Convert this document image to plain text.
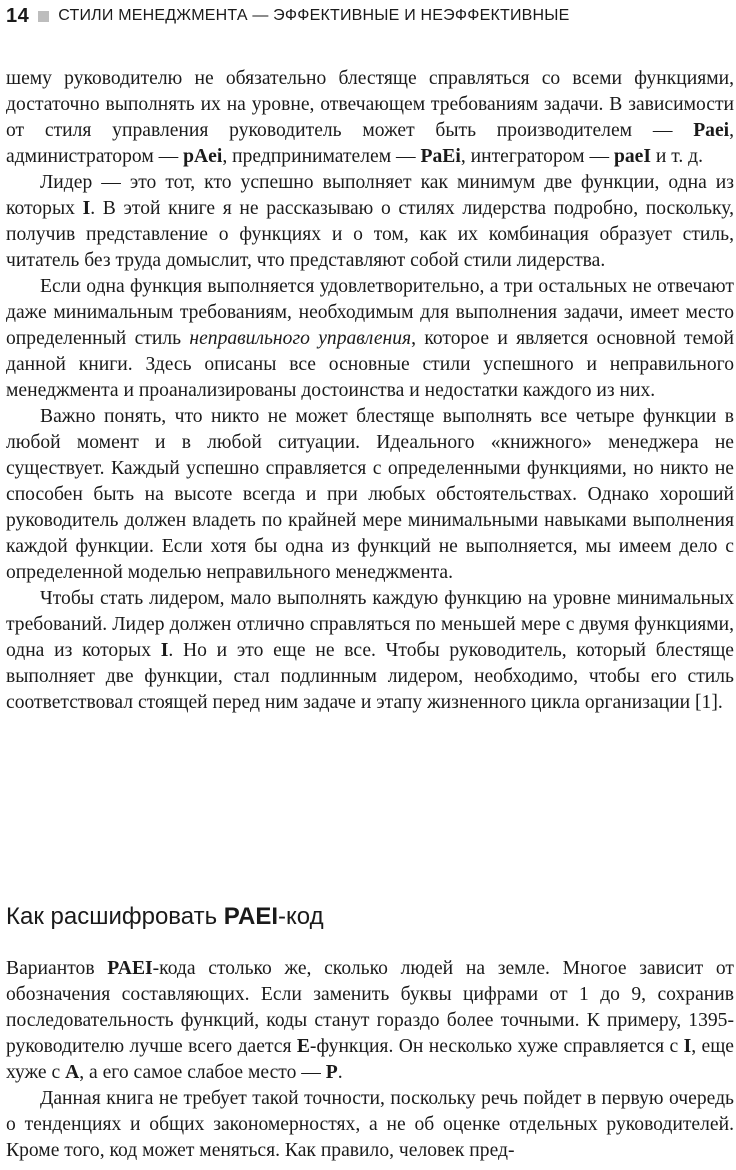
14 СТИЛИ МЕНЕДЖМЕНТА — ЭФФЕКТИВНЫЕ И НЕЭФФЕКТИВНЫЕ

шему руководителю не обязательно блестяще справляться со всеми функциями, достаточно выполнять их на уровне, отвечающем требованиям задачи. В зависимости от стиля управления руководитель может быть производителем — Paei, администратором — pAei, предпринимателем — PaEi, интегратором — paeI и т. д.

Лидер — это тот, кто успешно выполняет как минимум две функции, одна из которых I. В этой книге я не рассказываю о стилях лидерства подробно, поскольку, получив представление о функциях и о том, как их комбинация образует стиль, читатель без труда домыслит, что представляют собой стили лидерства.

Если одна функция выполняется удовлетворительно, а три остальных не отвечают даже минимальным требованиям, необходимым для выполнения задачи, имеет место определенный стиль неправильного управления, которое и является основной темой данной книги. Здесь описаны все основные стили успешного и неправильного менеджмента и проанализированы достоинства и недостатки каждого из них.

Важно понять, что никто не может блестяще выполнять все четыре функции в любой момент и в любой ситуации. Идеального «книжного» менеджера не существует. Каждый успешно справляется с определенными функциями, но никто не способен быть на высоте всегда и при любых обстоятельствах. Однако хороший руководитель должен владеть по крайней мере минимальными навыками выполнения каждой функции. Если хотя бы одна из функций не выполняется, мы имеем дело с определенной моделью неправильного менеджмента.

Чтобы стать лидером, мало выполнять каждую функцию на уровне минимальных требований. Лидер должен отлично справляться по меньшей мере с двумя функциями, одна из которых I. Но и это еще не все. Чтобы руководитель, который блестяще выполняет две функции, стал подлинным лидером, необходимо, чтобы его стиль соответствовал стоящей перед ним задаче и этапу жизненного цикла организации [1].

Как расшифровать PAEI-код

Вариантов PAEI-кода столько же, сколько людей на земле. Многое зависит от обозначения составляющих. Если заменить буквы цифрами от 1 до 9, сохранив последовательность функций, коды станут гораздо более точными. К примеру, 1395-руководителю лучше всего дается E-функция. Он несколько хуже справляется с I, еще хуже с A, а его самое слабое место — P.

Данная книга не требует такой точности, поскольку речь пойдет в первую очередь о тенденциях и общих закономерностях, а не об оценке отдельных руководителей. Кроме того, код может меняться. Как правило, человек пред-
